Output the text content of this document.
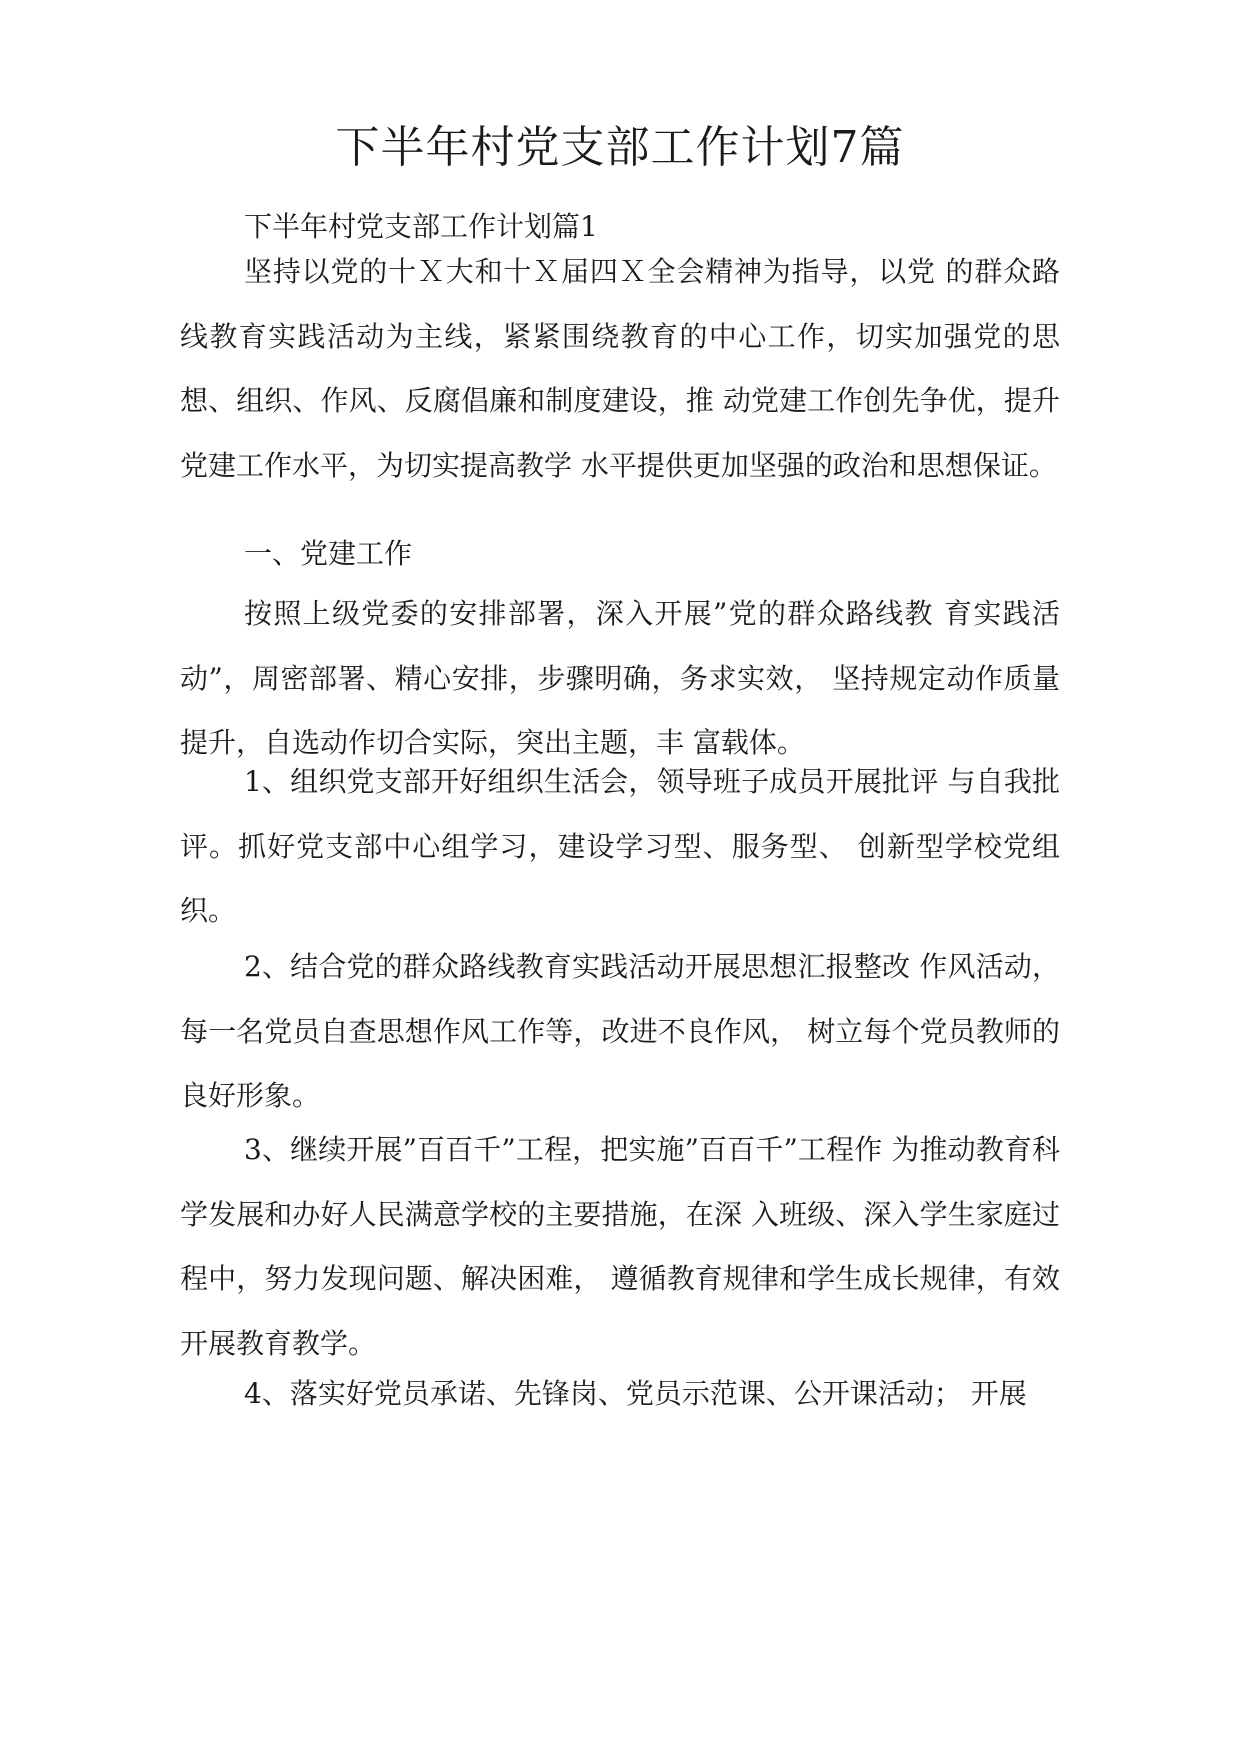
下半年村党支部工作计划7篇
下半年村党支部工作计划篇1
坚持以党的十Ｘ大和十Ｘ届四Ｘ全会精神为指导，以党 的群众路线教育实践活动为主线，紧紧围绕教育的中心工作，切实加强党的思想、组织、作风、反腐倡廉和制度建设，推 动党建工作创先争优，提升党建工作水平，为切实提高教学 水平提供更加坚强的政治和思想保证。
一、党建工作
按照上级党委的安排部署，深入开展”党的群众路线教 育实践活动”，周密部署、精心安排，步骤明确，务求实效， 坚持规定动作质量提升，自选动作切合实际，突出主题，丰 富载体。
1、组织党支部开好组织生活会，领导班子成员开展批评 与自我批评。抓好党支部中心组学习，建设学习型、服务型、 创新型学校党组织。
2、结合党的群众路线教育实践活动开展思想汇报整改 作风活动，每一名党员自查思想作风工作等，改进不良作风， 树立每个党员教师的良好形象。
3、继续开展”百百千”工程，把实施”百百千”工程作 为推动教育科学发展和办好人民满意学校的主要措施，在深 入班级、深入学生家庭过程中，努力发现问题、解决困难， 遵循教育规律和学生成长规律，有效开展教育教学。
4、落实好党员承诺、先锋岗、党员示范课、公开课活动； 开展
